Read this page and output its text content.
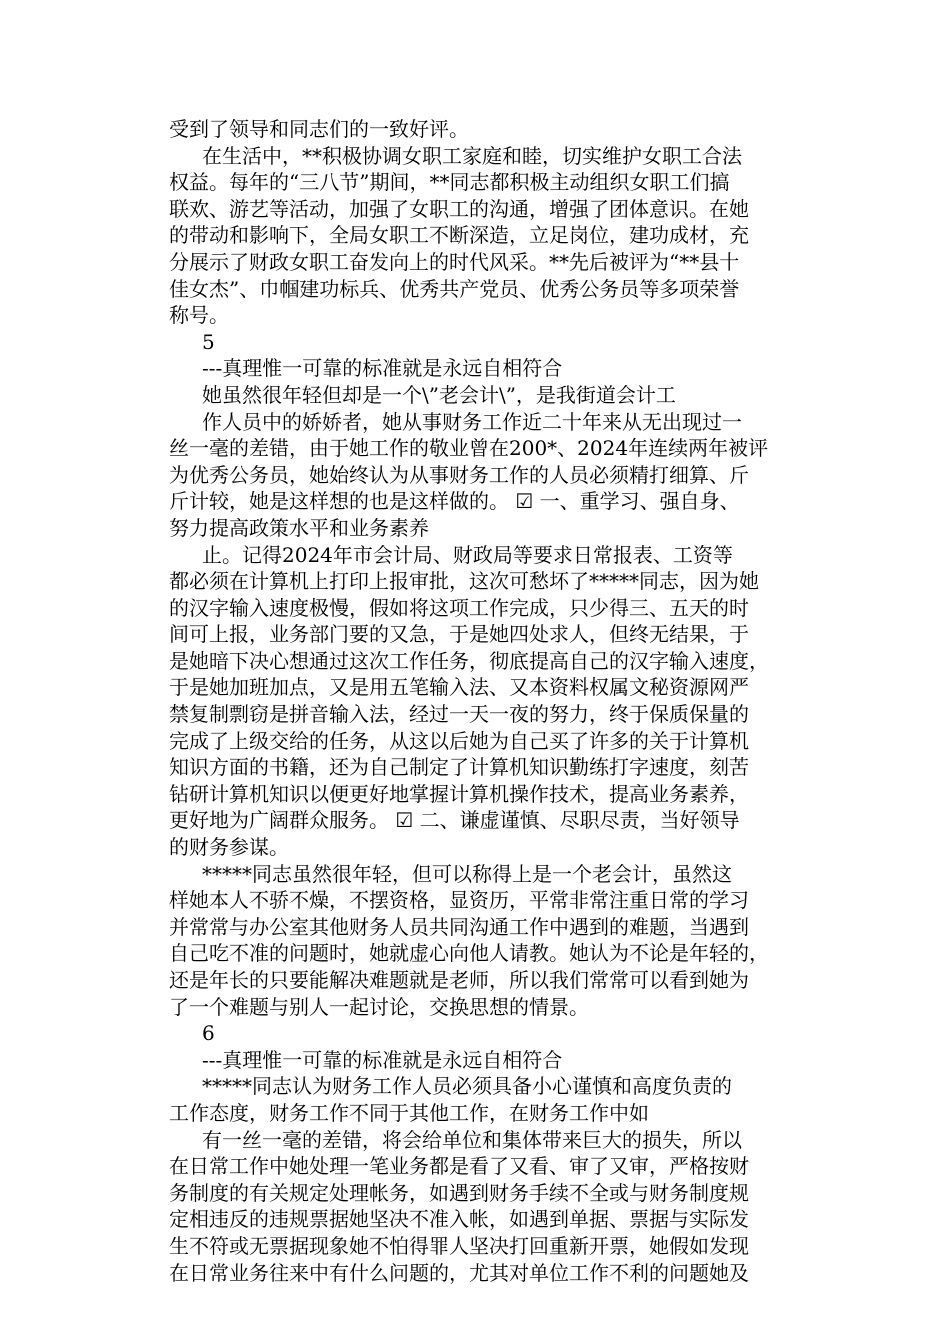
受到了领导和同志们的一致好评。
在生活中，**积极协调女职工家庭和睦，切实维护女职工合法
权益。每年的“三八节”期间，**同志都积极主动组织女职工们搞
联欢、游艺等活动，加强了女职工的沟通，增强了团体意识。在她
的带动和影响下，全局女职工不断深造，立足岗位，建功成材，充
分展示了财政女职工奋发向上的时代风采。**先后被评为“**县十
佳女杰”、巾帼建功标兵、优秀共产党员、优秀公务员等多项荣誉
称号。
5
---真理惟一可靠的标准就是永远自相符合
她虽然很年轻但却是一个\”老会计\”，是我街道会计工
作人员中的娇娇者，她从事财务工作近二十年来从无出现过一
丝一毫的差错，由于她工作的敬业曾在200*、2024年连续两年被评
为优秀公务员，她始终认为从事财务工作的人员必须精打细算、斤
斤计较，她是这样想的也是这样做的。 ☑ 一、重学习、强自身、
努力提高政策水平和业务素养
止。记得2024年市会计局、财政局等要求日常报表、工资等
都必须在计算机上打印上报审批，这次可愁坏了*****同志，因为她
的汉字输入速度极慢，假如将这项工作完成，只少得三、五天的时
间可上报，业务部门要的又急，于是她四处求人，但终无结果，于
是她暗下决心想通过这次工作任务，彻底提高自己的汉字输入速度，
于是她加班加点，又是用五笔输入法、又本资料权属文秘资源网严
禁复制剽窃是拼音输入法，经过一天一夜的努力，终于保质保量的
完成了上级交给的任务，从这以后她为自己买了许多的关于计算机
知识方面的书籍，还为自己制定了计算机知识勤练打字速度，刻苦
钻研计算机知识以便更好地掌握计算机操作技术，提高业务素养，
更好地为广阔群众服务。 ☑ 二、谦虚谨慎、尽职尽责，当好领导
的财务参谋。
*****同志虽然很年轻，但可以称得上是一个老会计，虽然这
样她本人不骄不燥，不摆资格，显资历，平常非常注重日常的学习
并常常与办公室其他财务人员共同沟通工作中遇到的难题，当遇到
自己吃不准的问题时，她就虚心向他人请教。她认为不论是年轻的，
还是年长的只要能解决难题就是老师，所以我们常常可以看到她为
了一个难题与别人一起讨论，交换思想的情景。
6
---真理惟一可靠的标准就是永远自相符合
*****同志认为财务工作人员必须具备小心谨慎和高度负责的
工作态度，财务工作不同于其他工作，在财务工作中如
有一丝一毫的差错，将会给单位和集体带来巨大的损失，所以
在日常工作中她处理一笔业务都是看了又看、审了又审，严格按财
务制度的有关规定处理帐务，如遇到财务手续不全或与财务制度规
定相违反的违规票据她坚决不准入帐，如遇到单据、票据与实际发
生不符或无票据现象她不怕得罪人坚决打回重新开票，她假如发现
在日常业务往来中有什么问题的，尤其对单位工作不利的问题她及
